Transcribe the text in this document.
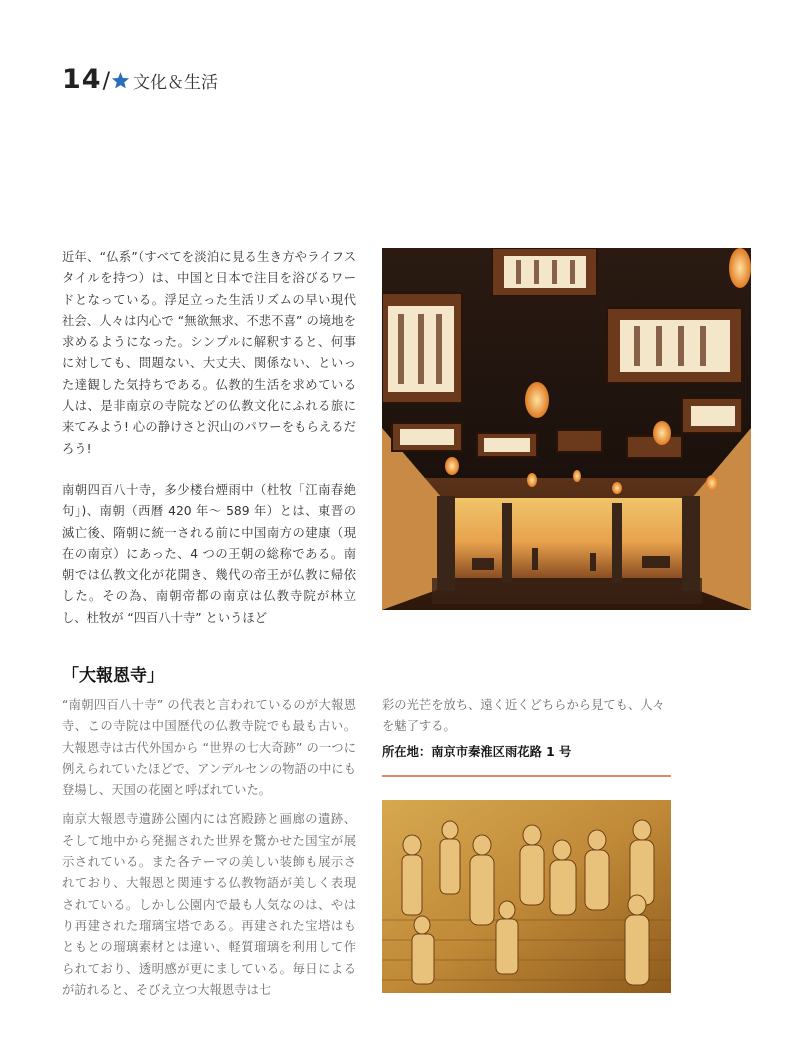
14 / 文化＆生活

近年、“仏系”（すべてを淡泊に見る生き方やライフスタイルを持つ）は、中国と日本で注目を浴びるワードとなっている。浮足立った生活リズムの早い現代社会、人々は内心で “無欲無求、不悲不喜” の境地を求めるようになった。シンプルに解釈すると、何事に対しても、問題ない、大丈夫、関係ない、といった達観した気持ちである。仏教的生活を求めている人は、是非南京の寺院などの仏教文化にふれる旅に来てみよう! 心の静けさと沢山のパワーをもらえるだろう!

南朝四百八十寺，多少楼台煙雨中（杜牧「江南春絶句」)、南朝（西暦 420 年～ 589 年）とは、東晋の滅亡後、隋朝に統一される前に中国南方の建康（現在の南京）にあった、4 つの王朝の総称である。南朝では仏教文化が花開き、幾代の帝王が仏教に帰依した。その為、南朝帝都の南京は仏教寺院が林立し、杜牧が “四百八十寺” というほど

「大報恩寺」

“南朝四百八十寺” の代表と言われているのが大報恩寺、この寺院は中国歴代の仏教寺院でも最も古い。大報恩寺は古代外国から “世界の七大奇跡” の一つに例えられていたほどで、アンデルセンの物語の中にも登場し、天国の花園と呼ばれていた。

南京大報恩寺遺跡公園内には宮殿跡と画廊の遺跡、そして地中から発掘された世界を驚かせた国宝が展示されている。また各テーマの美しい装飾も展示されており、大報恩と関連する仏教物語が美しく表現されている。しかし公園内で最も人気なのは、やはり再建された瑠璃宝塔である。再建された宝塔はもともとの瑠璃素材とは違い、軽質瑠璃を利用して作られており、透明感が更にましている。毎日によるが訪れると、そびえ立つ大報恩寺は七

彩の光芒を放ち、遠く近くどちらから見ても、人々を魅了する。

所在地：南京市秦淮区雨花路 1 号
